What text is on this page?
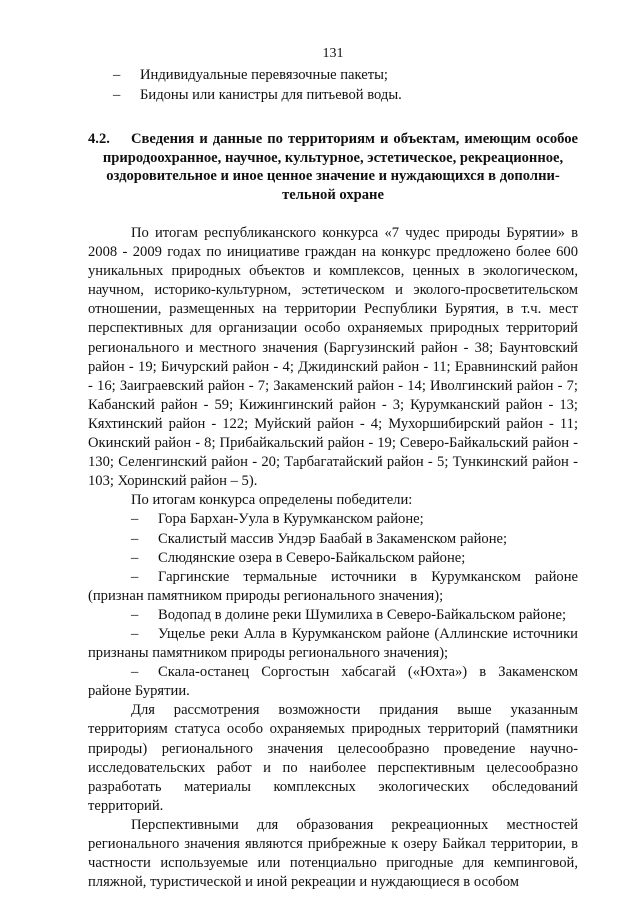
131
– Индивидуальные перевязочные пакеты;
– Бидоны или канистры для питьевой воды.
4.2.	Сведения и данные по территориям и объектам, имеющим особое
природоохранное, научное, культурное, эстетическое, рекреационное,
оздоровительное и иное ценное значение и нуждающихся в дополни-
тельной охране

По итогам республиканского конкурса «7 чудес природы Бурятии» в 2008 - 2009 годах по инициативе граждан на конкурс предложено более 600 уникальных природных объектов и комплексов, ценных в экологическом, научном, историко-культурном, эстетическом и эколого-просветительском отношении, размещенных на территории Республики Бурятия, в т.ч. мест перспективных для организации особо охраняемых природных территорий регионального и местного значения (Баргузинский район - 38; Баунтовский район - 19; Бичурский район - 4; Джидинский район - 11; Еравнинский район - 16; Заиграевский район - 7; Закаменский район - 14; Иволгинский район - 7; Кабанский район - 59; Кижингинский район - 3; Курумканский район - 13; Кяхтинский район - 122; Муйский район - 4; Мухоршибирский район - 11; Окинский район - 8; Прибайкальский район - 19; Северо-Байкальский район - 130; Селенгинский район - 20; Тарбагатайский район - 5; Тункинский район - 103; Хоринский район – 5).

По итогам конкурса определены победители:

– Гора Бархан-Уула в Курумканском районе;

– Скалистый массив Ундэр Баабай в Закаменском районе;

– Слюдянские озера в Северо-Байкальском районе;

– Гаргинские термальные источники в Курумканском районе (признан памятником природы регионального значения);

– Водопад в долине реки Шумилиха в Северо-Байкальском районе;

– Ущелье реки Алла в Курумканском районе (Аллинские источники признаны памятником природы регионального значения);

– Скала-останец Соргостын хабсагай («Юхта») в Закаменском районе Бурятии.

Для рассмотрения возможности придания выше указанным территориям статуса особо охраняемых природных территорий (памятники природы) регионального значения целесообразно проведение научно-исследовательских работ и по наиболее перспективным целесообразно разработать материалы комплексных экологических обследований территорий.

Перспективными для образования рекреационных местностей регионального значения являются прибрежные к озеру Байкал территории, в частности используемые или потенциально пригодные для кемпинговой, пляжной, туристической и иной рекреации и нуждающиеся в особом
